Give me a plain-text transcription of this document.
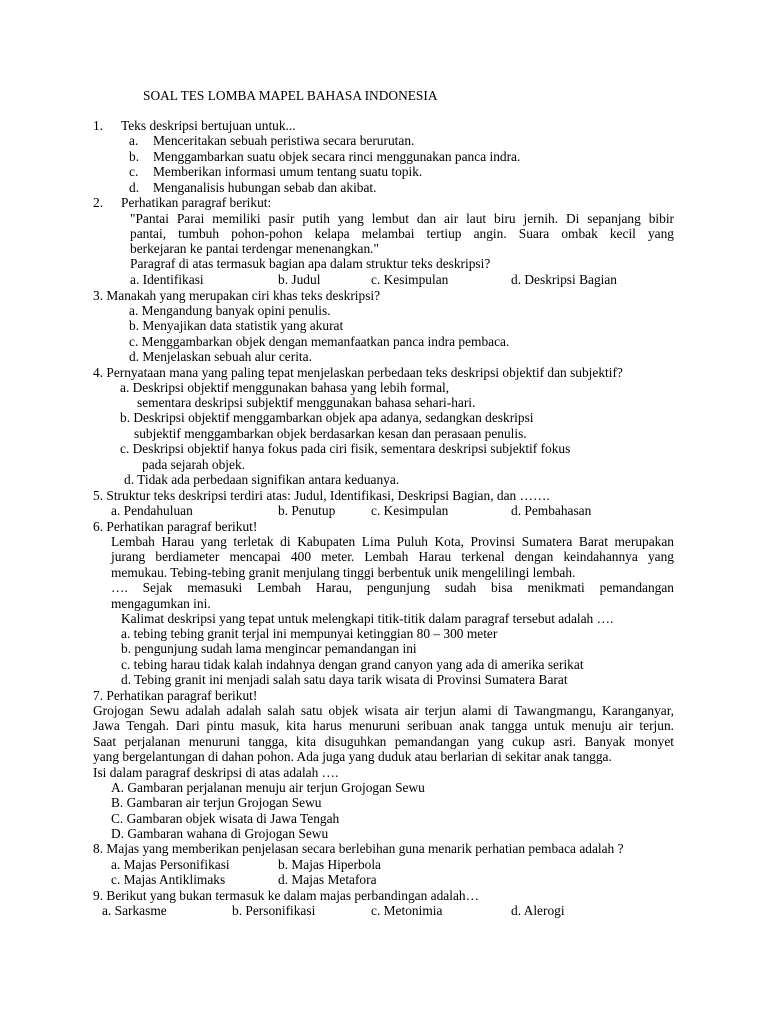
SOAL TES LOMBA MAPEL BAHASA INDONESIA
1. Teks deskripsi bertujuan untuk...
a. Menceritakan sebuah peristiwa secara berurutan.
b. Menggambarkan suatu objek secara rinci menggunakan panca indra.
c. Memberikan informasi umum tentang suatu topik.
d. Menganalisis hubungan sebab dan akibat.
2. Perhatikan paragraf berikut:
"Pantai Parai memiliki pasir putih yang lembut dan air laut biru jernih. Di sepanjang bibir
pantai, tumbuh pohon-pohon kelapa melambai tertiup angin. Suara ombak kecil yang
berkejaran ke pantai terdengar menenangkan."
Paragraf di atas termasuk bagian apa dalam struktur teks deskripsi?
a. Identifikasi	b. Judul	c. Kesimpulan	d. Deskripsi Bagian
3. Manakah yang merupakan ciri khas teks deskripsi?
a. Mengandung banyak opini penulis.
b. Menyajikan data statistik yang akurat
c. Menggambarkan objek dengan memanfaatkan panca indra pembaca.
d. Menjelaskan sebuah alur cerita.
4. Pernyataan mana yang paling tepat menjelaskan perbedaan teks deskripsi objektif dan subjektif?
a. Deskripsi objektif menggunakan bahasa yang lebih formal,
sementara deskripsi subjektif menggunakan bahasa sehari-hari.
b. Deskripsi objektif menggambarkan objek apa adanya, sedangkan deskripsi
subjektif menggambarkan objek berdasarkan kesan dan perasaan penulis.
c. Deskripsi objektif hanya fokus pada ciri fisik, sementara deskripsi subjektif fokus
pada sejarah objek.
d. Tidak ada perbedaan signifikan antara keduanya.
5. Struktur teks deskripsi terdiri atas: Judul, Identifikasi, Deskripsi Bagian, dan …….
a. Pendahuluan	b. Penutup	c. Kesimpulan	d. Pembahasan
6. Perhatikan paragraf berikut!
Lembah Harau yang terletak di Kabupaten Lima Puluh Kota, Provinsi Sumatera Barat merupakan
jurang berdiameter mencapai 400 meter. Lembah Harau terkenal dengan keindahannya yang
memukau. Tebing-tebing granit menjulang tinggi berbentuk unik mengelilingi lembah.
…. Sejak memasuki Lembah Harau, pengunjung sudah bisa menikmati pemandangan
mengagumkan ini.
Kalimat deskripsi yang tepat untuk melengkapi titik-titik dalam paragraf tersebut adalah ….
a. tebing tebing granit terjal ini mempunyai ketinggian 80 – 300 meter
b. pengunjung sudah lama mengincar pemandangan ini
c. tebing harau tidak kalah indahnya dengan grand canyon yang ada di amerika serikat
d. Tebing granit ini menjadi salah satu daya tarik wisata di Provinsi Sumatera Barat
7. Perhatikan paragraf berikut!
Grojogan Sewu adalah adalah salah satu objek wisata air terjun alami di Tawangmangu, Karanganyar,
Jawa Tengah. Dari pintu masuk, kita harus menuruni seribuan anak tangga untuk menuju air terjun.
Saat perjalanan menuruni tangga, kita disuguhkan pemandangan yang cukup asri. Banyak monyet
yang bergelantungan di dahan pohon. Ada juga yang duduk atau berlarian di sekitar anak tangga.
Isi dalam paragraf deskripsi di atas adalah ….
A. Gambaran perjalanan menuju air terjun Grojogan Sewu
B. Gambaran air terjun Grojogan Sewu
C. Gambaran objek wisata di Jawa Tengah
D. Gambaran wahana di Grojogan Sewu
8. Majas yang memberikan penjelasan secara berlebihan guna menarik perhatian pembaca adalah ?
a. Majas Personifikasi	b. Majas Hiperbola
c. Majas Antiklimaks	d. Majas Metafora
9. Berikut yang bukan termasuk ke dalam majas perbandingan adalah…
a. Sarkasme	b. Personifikasi	c. Metonimia	d. Alerogi
